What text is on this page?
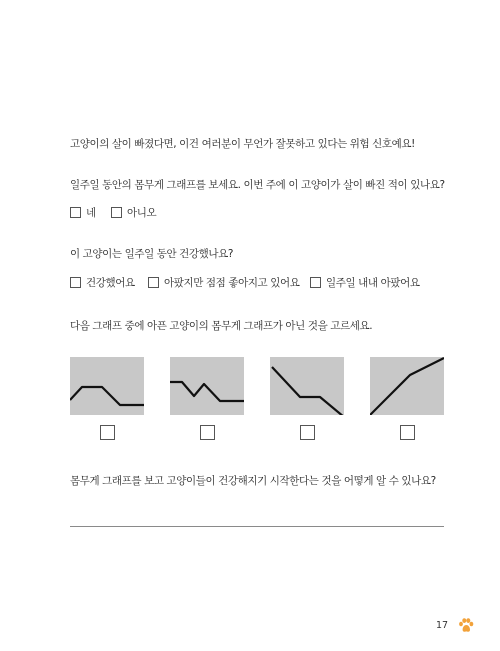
고양이의 살이 빠졌다면, 이건 여러분이 무언가 잘못하고 있다는 위험 신호예요!
일주일 동안의 몸무게 그래프를 보세요. 이번 주에 이 고양이가 살이 빠진 적이 있나요?
네	아니오
이 고양이는 일주일 동안 건강했나요?
건강했어요	아팠지만 점점 좋아지고 있어요	일주일 내내 아팠어요
다음 그래프 중에 아픈 고양이의 몸무게 그래프가 아닌 것을 고르세요.
몸무게 그래프를 보고 고양이들이 건강해지기 시작한다는 것을 어떻게 알 수 있나요?
17
